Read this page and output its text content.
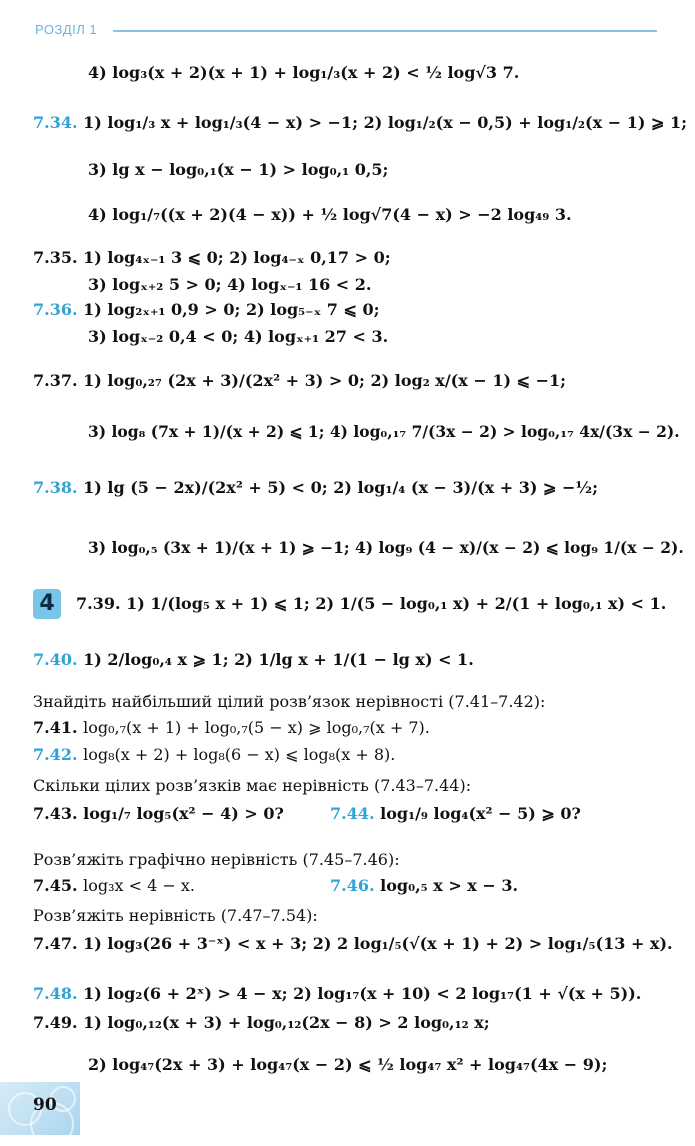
РОЗДІЛ 1
4) log₃(x + 2)(x + 1) + log₁/₃(x + 2) < ½ log√3 7.
7.34. 1) log₁/₃ x + log₁/₃(4 − x) > −1; 2) log₁/₂(x − 0,5) + log₁/₂(x − 1) ⩾ 1;
3) lg x − log₀,₁(x − 1) > log₀,₁ 0,5;
4) log₁/₇((x + 2)(4 − x)) + ½ log√7(4 − x) > −2 log₄₉ 3.
7.35. 1) log₄ₓ₋₁ 3 ⩽ 0; 2) log₄₋ₓ 0,17 > 0;
3) logₓ₊₂ 5 > 0; 4) logₓ₋₁ 16 < 2.
7.36. 1) log₂ₓ₊₁ 0,9 > 0; 2) log₅₋ₓ 7 ⩽ 0;
3) logₓ₋₂ 0,4 < 0; 4) logₓ₊₁ 27 < 3.
7.37. 1) log₀,₂₇ (2x + 3)/(2x² + 3) > 0; 2) log₂ x/(x − 1) ⩽ −1;
3) log₈ (7x + 1)/(x + 2) ⩽ 1; 4) log₀,₁₇ 7/(3x − 2) > log₀,₁₇ 4x/(3x − 2).
7.38. 1) lg (5 − 2x)/(2x² + 5) < 0; 2) log₁/₄ (x − 3)/(x + 3) ⩾ −½;
3) log₀,₅ (3x + 1)/(x + 1) ⩾ −1; 4) log₉ (4 − x)/(x − 2) ⩽ log₉ 1/(x − 2).
4	7.39. 1) 1/(log₅ x + 1) ⩽ 1; 2) 1/(5 − log₀,₁ x) + 2/(1 + log₀,₁ x) < 1.
7.40. 1) 2/log₀,₄ x ⩾ 1; 2) 1/lg x + 1/(1 − lg x) < 1.
Знайдіть найбільший цілий розв’язок нерівності (7.41–7.42):
7.41. log₀,₇(x + 1) + log₀,₇(5 − x) ⩾ log₀,₇(x + 7).
7.42. log₈(x + 2) + log₈(6 − x) ⩽ log₈(x + 8).
Скільки цілих розв’язків має нерівність (7.43–7.44):
7.43. log₁/₇ log₅(x² − 4) > 0?	7.44. log₁/₉ log₄(x² − 5) ⩾ 0?
Розв’яжіть графічно нерівність (7.45–7.46):
7.45. log₃x < 4 − x.	7.46. log₀,₅ x > x − 3.
Розв’яжіть нерівність (7.47–7.54):
7.47. 1) log₃(26 + 3⁻ˣ) < x + 3; 2) 2 log₁/₅(√(x + 1) + 2) > log₁/₅(13 + x).
7.48. 1) log₂(6 + 2ˣ) > 4 − x; 2) log₁₇(x + 10) < 2 log₁₇(1 + √(x + 5)).
7.49. 1) log₀,₁₂(x + 3) + log₀,₁₂(2x − 8) > 2 log₀,₁₂ x;
2) log₄₇(2x + 3) + log₄₇(x − 2) ⩽ ½ log₄₇ x² + log₄₇(4x − 9);
90
